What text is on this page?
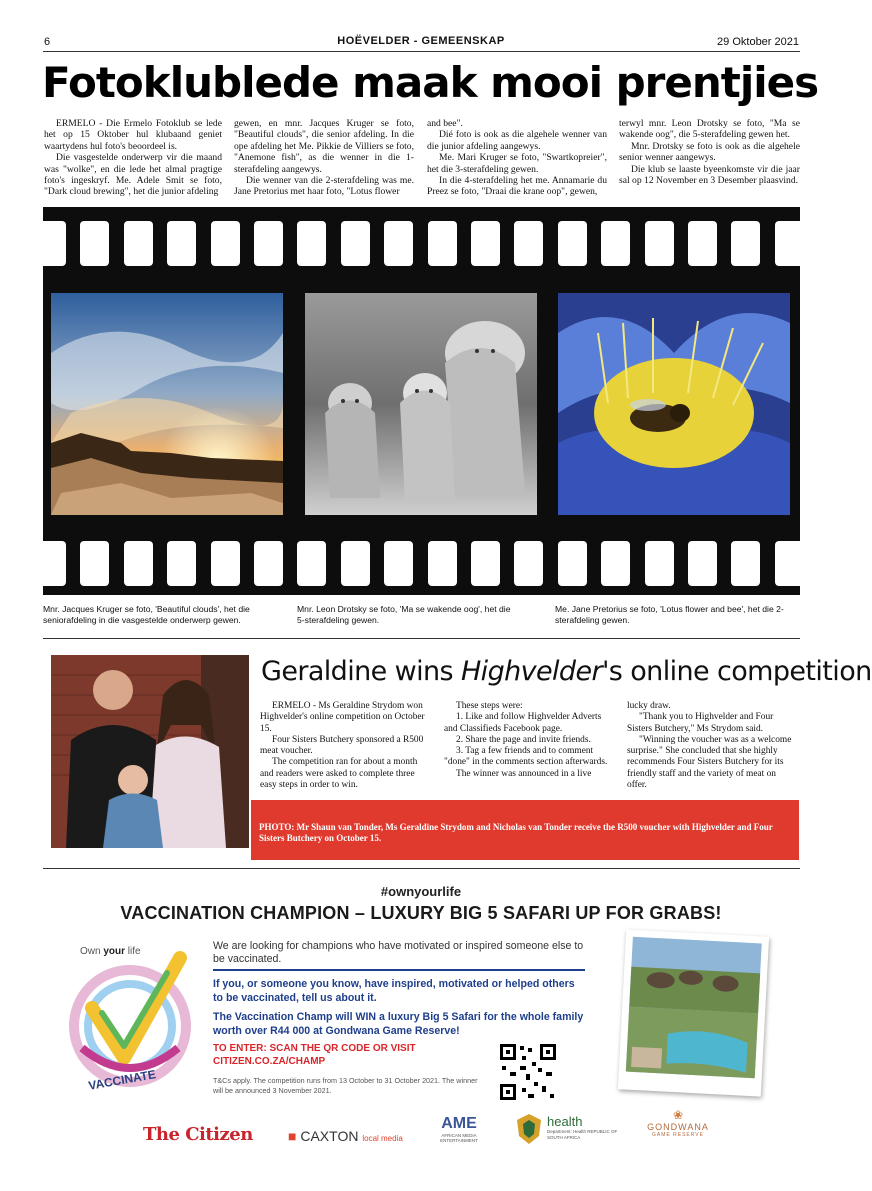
6	HOËVELDER - GEMEENSKAP	29 Oktober 2021
Fotoklublede maak mooi prentjies

ERMELO - Die Ermelo Fotoklub se lede het op 15 Oktober hul klubaand geniet waartydens hul foto's beoordeel is.

Die vasgestelde onderwerp vir die maand was "wolke", en die lede het almal pragtige foto's ingeskryf. Me. Adele Smit se foto, "Dark cloud brewing", het die junior afdeling

gewen, en mnr. Jacques Kruger se foto, "Beautiful clouds", die senior afdeling. In die ope afdeling het Me. Pikkie de Villiers se foto, "Anemone fish", as die wenner in die 1-sterafdeling aangewys.

Die wenner van die 2-sterafdeling was me. Jane Pretorius met haar foto, "Lotus flower

and bee".

Dié foto is ook as die algehele wenner van die junior afdeling aangewys.

Me. Mari Kruger se foto, "Swartkopreier", het die 3-sterafdeling gewen.

In die 4-sterafdeling het me. Annamarie du Preez se foto, "Draai die krane oop", gewen,

terwyl mnr. Leon Drotsky se foto, "Ma se wakende oog", die 5-sterafdeling gewen het.

Mnr. Drotsky se foto is ook as die algehele senior wenner aangewys.

Die klub se laaste byeenkomste vir die jaar sal op 12 November en 3 Desember plaasvind.

Mnr. Jacques Kruger se foto, 'Beautiful clouds', het die seniorafdeling in die vasgestelde onderwerp gewen.
Mnr. Leon Drotsky se foto, 'Ma se wakende oog', het die 5-sterafdeling gewen.
Me. Jane Pretorius se foto, 'Lotus flower and bee', het die 2-sterafdeling gewen.
Geraldine wins Highvelder's online competition

ERMELO - Ms Geraldine Strydom won Highvelder's online competition on October 15.

Four Sisters Butchery sponsored a R500 meat voucher.

The competition ran for about a month and readers were asked to complete three easy steps in order to win.

These steps were:

1. Like and follow Highvelder Adverts and Classifieds Facebook page.

2. Share the page and invite friends.

3. Tag a few friends and to comment "done" in the comments section afterwards.

The winner was announced in a live

lucky draw.

"Thank you to Highvelder and Four Sisters Butchery," Ms Strydom said.

"Winning the voucher was as a welcome surprise." She concluded that she highly recommends Four Sisters Butchery for its friendly staff and the variety of meat on offer.

PHOTO: Mr Shaun van Tonder, Ms Geraldine Strydom and Nicholas van Tonder receive the R500 voucher with Highvelder and Four Sisters Butchery on October 15.
#ownyourlife
VACCINATION CHAMPION – LUXURY BIG 5 SAFARI UP FOR GRABS!
Own your life
VACCINATE
We are looking for champions who have motivated or inspired someone else to be vaccinated.
If you, or someone you know, have inspired, motivated or helped others to be vaccinated, tell us about it.
The Vaccination Champ will WIN a luxury Big 5 Safari for the whole family worth over R44 000 at Gondwana Game Reserve!
TO ENTER: SCAN THE QR CODE OR VISIT CITIZEN.CO.ZA/CHAMP
T&Cs apply. The competition runs from 13 October to 31 October 2021. The winner will be announced 3 November 2021.
The Citizen	■ CAXTON local media
AME
AFRICAN MEDIA ENTERTAINMENT
health
Department: Health REPUBLIC OF SOUTH AFRICA
❀
GONDWANA
GAME RESERVE
